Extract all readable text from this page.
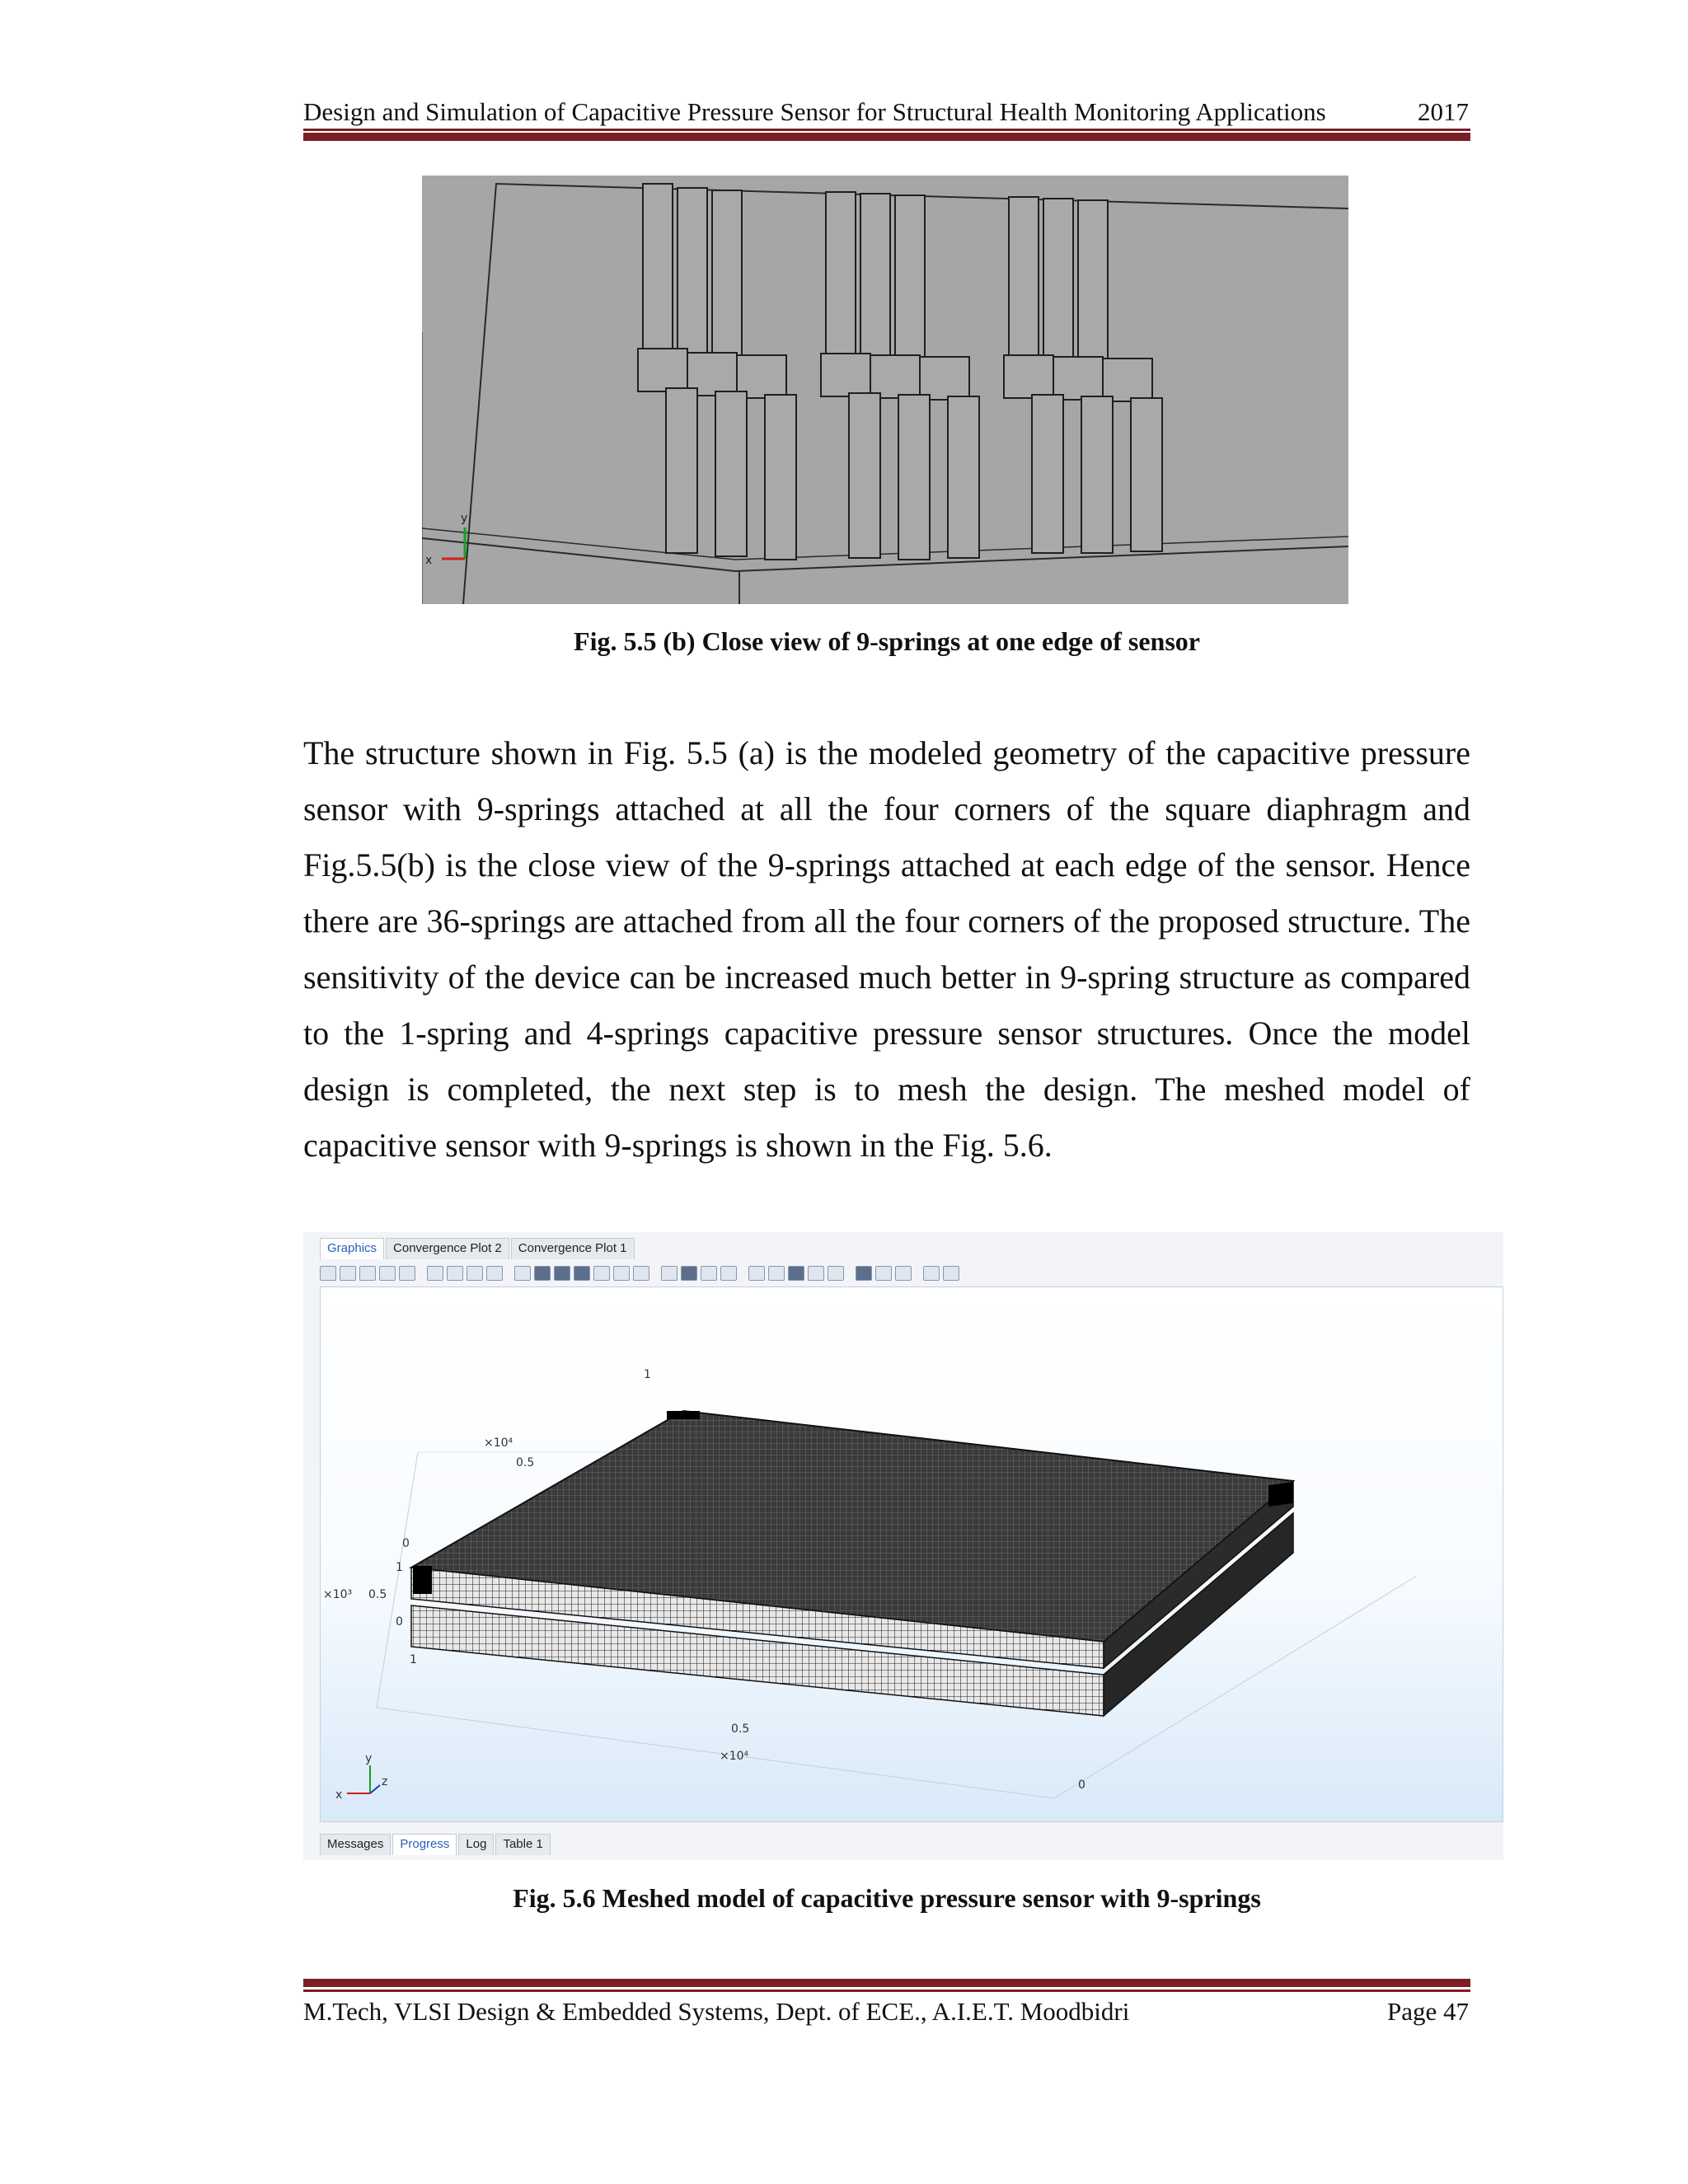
Design and Simulation of Capacitive Pressure Sensor for Structural Health Monitoring Applications	2017
y
x
Fig. 5.5 (b) Close view of 9-springs at one edge of sensor
The structure shown in Fig. 5.5 (a) is the modeled geometry of the capacitive pressure sensor with 9-springs attached at all the four corners of the square diaphragm and Fig.5.5(b) is the close view of the 9-springs attached at each edge of the sensor. Hence there are 36-springs are attached from all the four corners of the proposed structure. The sensitivity of the device can be increased much better in 9-spring structure as compared to the 1-spring and 4-springs capacitive pressure sensor structures. Once the model design is completed, the next step is to mesh the design. The meshed model of capacitive sensor with 9-springs is shown in the Fig. 5.6.
Graphics	Convergence Plot 2	Convergence Plot 1
1
×10⁴
0.5
0
1
×10³ 0.5
0
1
0.5
×10⁴
0
y
x
z
Messages	Progress	Log	Table 1
Fig. 5.6 Meshed model of capacitive pressure sensor with 9-springs
M.Tech, VLSI Design & Embedded Systems, Dept. of ECE., A.I.E.T. Moodbidri	Page 47
